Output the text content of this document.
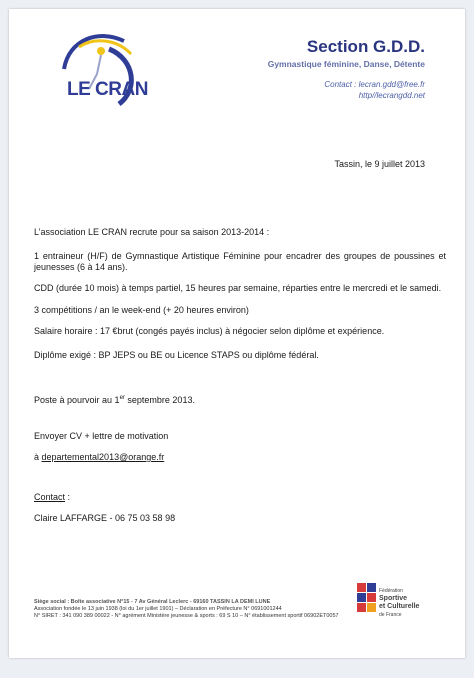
LE CRAN
Section G.D.D.
Gymnastique féminine, Danse, Détente
Contact : lecran.gdd@free.fr
http//lecrangdd.net
Tassin, le 9 juillet 2013
L’association LE CRAN recrute pour sa saison 2013-2014 :
1 entraineur (H/F) de Gymnastique Artistique Féminine pour encadrer des groupes de poussines et jeunesses (6 à 14 ans).
CDD (durée 10 mois) à temps partiel, 15 heures par semaine, réparties entre le mercredi et le samedi.
3 compétitions / an le week-end (+ 20 heures environ)
Salaire horaire : 17 €brut (congés payés inclus) à négocier selon diplôme et expérience.
Diplôme exigé : BP JEPS ou BE ou Licence STAPS ou diplôme fédéral.
Poste à pourvoir au 1er septembre 2013.
Envoyer CV + lettre de motivation
à departemental2013@orange.fr
Contact :
Claire LAFFARGE - 06 75 03 58 98
Fédération
Sportive
et Culturelle
de France
Siège social : Boîte associative N°15 - 7 Av Général Leclerc - 69160 TASSIN LA DEMI LUNE
Association fondée le 13 juin 1938 (loi du 1er juillet 1901) – Déclaration en Préfecture N° 0691001244
N° SIRET : 341 090 389 00022 - N° agrément Ministère jeunesse & sports : 69 S 10 – N° établissement sportif 06902ET0057
